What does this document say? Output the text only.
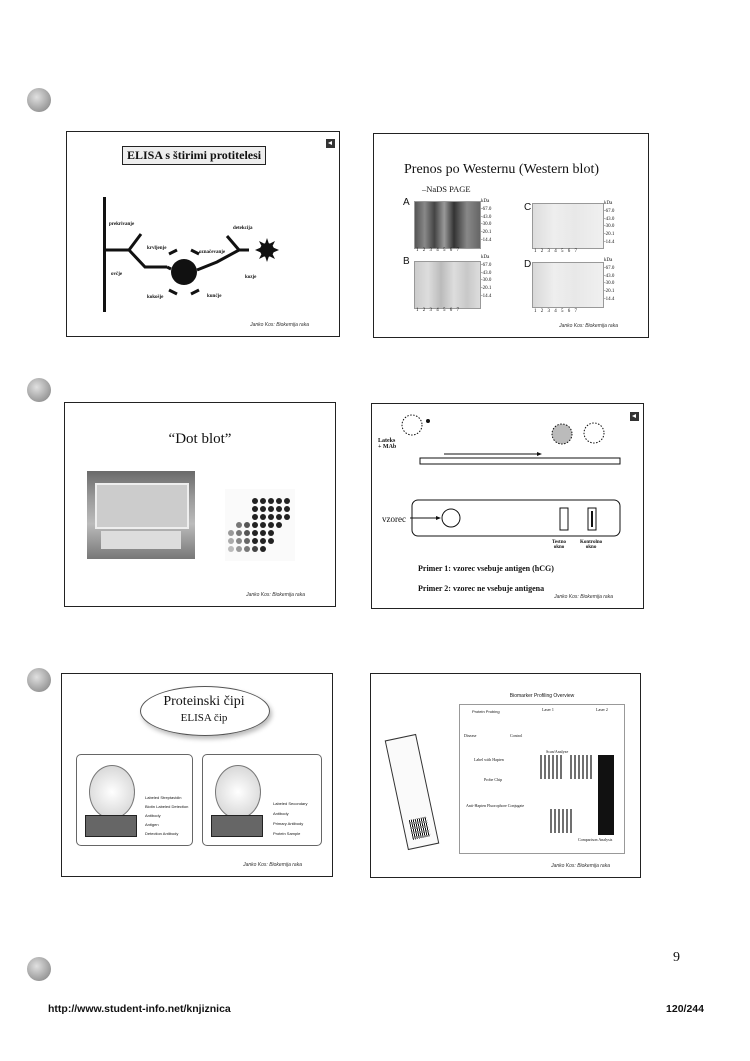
ELISA s štirimi protitelesi
prekrivanje
detekcija
krvljenje
označevanje
ovčje
kozje
kokošje	kunčje
Janko Kos: Biokemija raka
Prenos po Westernu (Western blot)
–NaDS PAGE
A
B
C
D
kDa
-67.0
-43.0
-30.0
-20.1
-14.4
kDa
-67.0
-43.0
-30.0
-20.1
-14.4
kDa
-67.0
-43.0
-30.0
-20.1
-14.4
kDa
-67.0
-43.0
-30.0
-20.1
-14.4
1 2 3 4 5 6 7
1 2 3 4 5 6 7
1 2 3 4 5 6 7
1 2 3 4 5 6 7
Janko Kos: Biokemija raka
“Dot blot”
Janko Kos: Biokemija raka
Lateks
+ MAb
vzorec
Testno
okno
Kontrolno
okno
Primer 1: vzorec vsebuje antigen (hCG)
Primer 2: vzorec ne vsebuje antigena
Janko Kos: Biokemija raka
Proteinski čipi
ELISA čip
Labeled Streptavidin
Biotin Labeled Detection Antibody
Antigen
Detection Antibody
Labeled Secondary Antibody
Primary Antibody
Protein Sample
Janko Kos: Biokemija raka
Biomarker Profiling Overview
Protein Probing	Laser 1	Laser 2
Disease	Control
Label with Hapten
Probe Chip
Anti-Hapten Fluorophore Conjugate
Scan/Analyze
Comparison Analysis
Janko Kos: Biokemija raka
9
http://www.student-info.net/knjiznica	120/244
